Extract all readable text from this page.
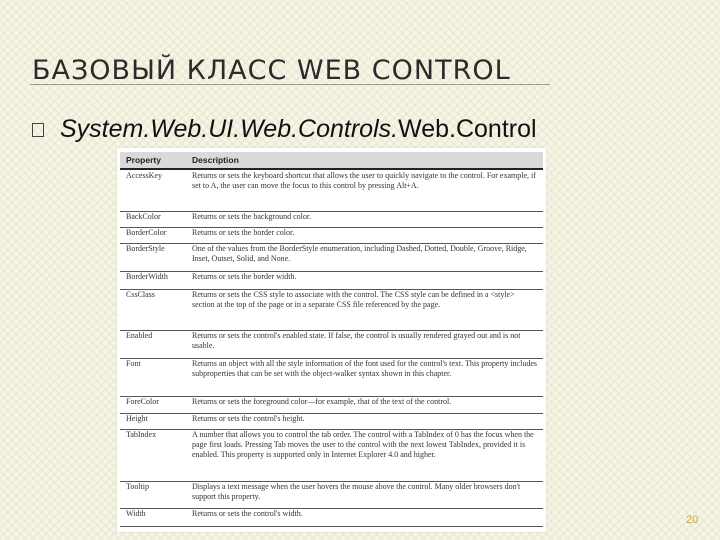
БАЗОВЫЙ КЛАСС WEB CONTROL
System.Web.UI.Web.Controls.Web.Control
Property	Description
AccessKey	Returns or sets the keyboard shortcut that allows the user to quickly navigate to the control. For example, if set to A, the user can move the focus to this control by pressing Alt+A.
BackColor	Returns or sets the background color.
BorderColor	Returns or sets the border color.
BorderStyle	One of the values from the BorderStyle enumeration, including Dashed, Dotted, Double, Groove, Ridge, Inset, Outset, Solid, and None.
BorderWidth	Returns or sets the border width.
CssClass	Returns or sets the CSS style to associate with the control. The CSS style can be defined in a <style> section at the top of the page or in a separate CSS file referenced by the page.
Enabled	Returns or sets the control's enabled state. If false, the control is usually rendered grayed out and is not usable.
Font	Returns an object with all the style information of the font used for the control's text. This property includes subproperties that can be set with the object-walker syntax shown in this chapter.
ForeColor	Returns or sets the foreground color—for example, that of the text of the control.
Height	Returns or sets the control's height.
TabIndex	A number that allows you to control the tab order. The control with a TabIndex of 0 has the focus when the page first loads. Pressing Tab moves the user to the control with the next lowest TabIndex, provided it is enabled. This property is supported only in Internet Explorer 4.0 and higher.
Tooltip	Displays a text message when the user hovers the mouse above the control. Many older browsers don't support this property.
Width	Returns or sets the control's width.
20
